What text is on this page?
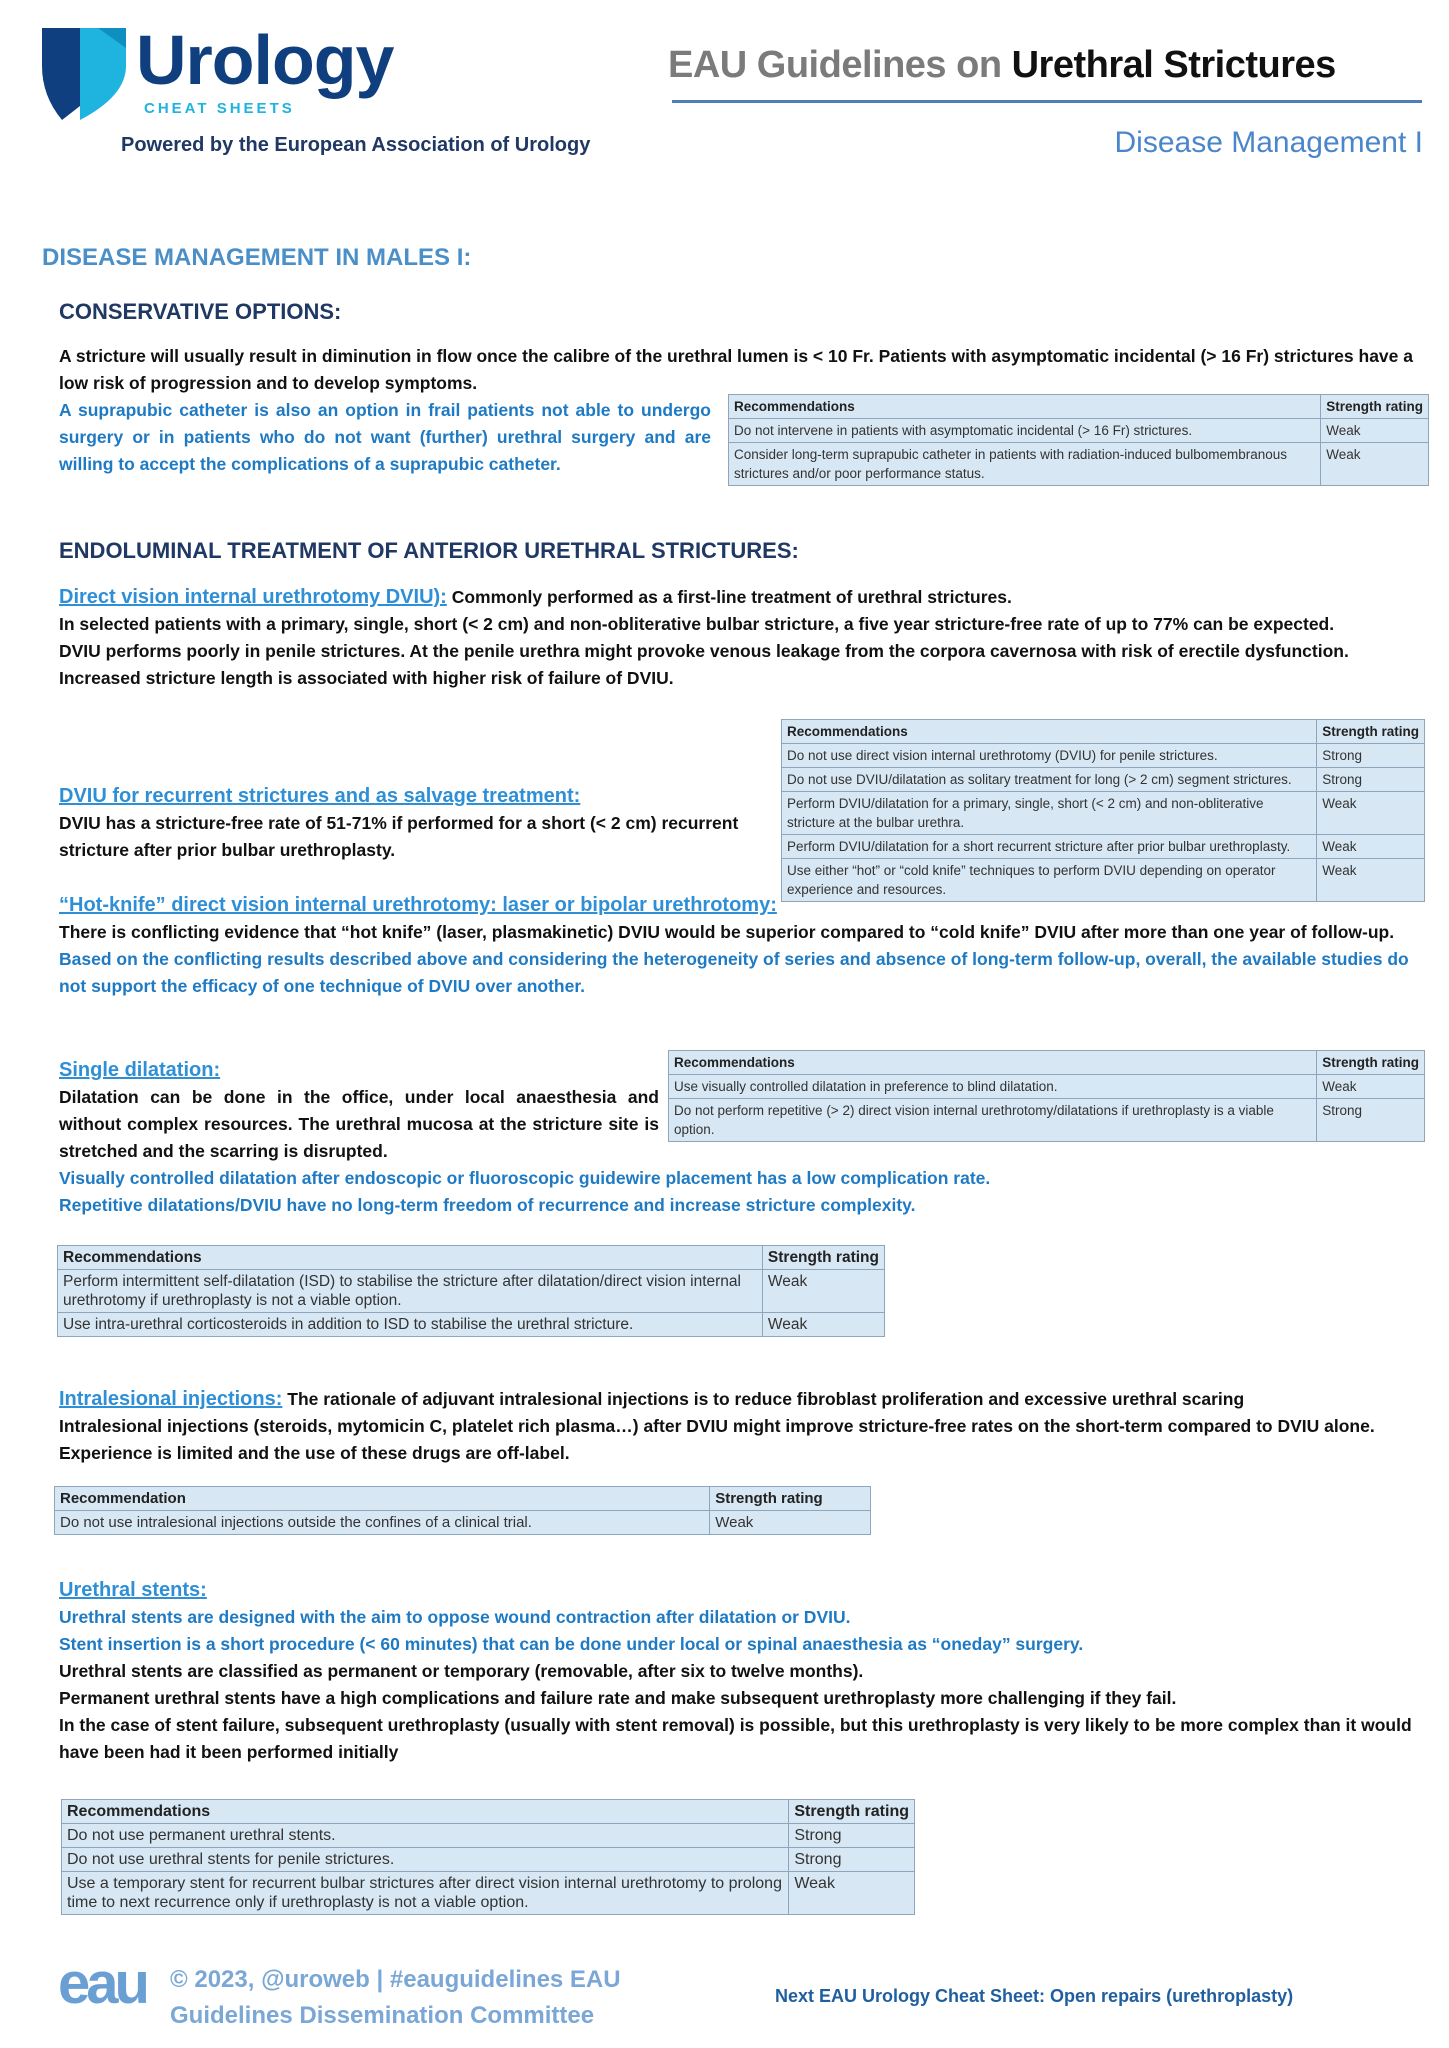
Urology
CHEAT SHEETS
Powered by the European Association of Urology
EAU Guidelines on Urethral Strictures
Disease Management I
DISEASE MANAGEMENT IN MALES I:
CONSERVATIVE OPTIONS:
A stricture will usually result in diminution in flow once the calibre of the urethral lumen is < 10 Fr. Patients with asymptomatic incidental (> 16 Fr) strictures have a low risk of progression and to develop symptoms.
A suprapubic catheter is also an option in frail patients not able to undergo surgery or in patients who do not want (further) urethral surgery and are willing to accept the complications of a suprapubic catheter.
Recommendations	Strength rating
Do not intervene in patients with asymptomatic incidental (> 16 Fr) strictures.	Weak
Consider long-term suprapubic catheter in patients with radiation-induced bulbomembranous strictures and/or poor performance status.	Weak
ENDOLUMINAL TREATMENT OF ANTERIOR URETHRAL STRICTURES:
Direct vision internal urethrotomy DVIU): Commonly performed as a first-line treatment of urethral strictures.
In selected patients with a primary, single, short (< 2 cm) and non-obliterative bulbar stricture, a five year stricture-free rate of up to 77% can be expected.
DVIU performs poorly in penile strictures. At the penile urethra might provoke venous leakage from the corpora cavernosa with risk of erectile dysfunction.
Increased stricture length is associated with higher risk of failure of DVIU.
Recommendations	Strength rating
Do not use direct vision internal urethrotomy (DVIU) for penile strictures.	Strong
Do not use DVIU/dilatation as solitary treatment for long (> 2 cm) segment strictures.	Strong
Perform DVIU/dilatation for a primary, single, short (< 2 cm) and non-obliterative stricture at the bulbar urethra.	Weak
Perform DVIU/dilatation for a short recurrent stricture after prior bulbar urethroplasty.	Weak
Use either “hot” or “cold knife” techniques to perform DVIU depending on operator experience and resources.	Weak
DVIU for recurrent strictures and as salvage treatment:
DVIU has a stricture-free rate of 51-71% if performed for a short (< 2 cm) recurrent stricture after prior bulbar urethroplasty.
“Hot-knife” direct vision internal urethrotomy: laser or bipolar urethrotomy:
There is conflicting evidence that “hot knife” (laser, plasmakinetic) DVIU would be superior compared to “cold knife” DVIU after more than one year of follow-up.
Based on the conflicting results described above and considering the heterogeneity of series and absence of long-term follow-up, overall, the available studies do not support the efficacy of one technique of DVIU over another.
Single dilatation:
Dilatation can be done in the office, under local anaesthesia and without complex resources. The urethral mucosa at the stricture site is stretched and the scarring is disrupted.
Recommendations	Strength rating
Use visually controlled dilatation in preference to blind dilatation.	Weak
Do not perform repetitive (> 2) direct vision internal urethrotomy/dilatations if urethroplasty is a viable option.	Strong
Visually controlled dilatation after endoscopic or fluoroscopic guidewire placement has a low complication rate.
Repetitive dilatations/DVIU have no long-term freedom of recurrence and increase stricture complexity.
Recommendations	Strength rating
Perform intermittent self-dilatation (ISD) to stabilise the stricture after dilatation/direct vision internal urethrotomy if urethroplasty is not a viable option.	Weak
Use intra-urethral corticosteroids in addition to ISD to stabilise the urethral stricture.	Weak
Intralesional injections: The rationale of adjuvant intralesional injections is to reduce fibroblast proliferation and excessive urethral scaring
Intralesional injections (steroids, mytomicin C, platelet rich plasma…) after DVIU might improve stricture-free rates on the short-term compared to DVIU alone. Experience is limited and the use of these drugs are off-label.
Recommendation	Strength rating
Do not use intralesional injections outside the confines of a clinical trial.	Weak
Urethral stents:
Urethral stents are designed with the aim to oppose wound contraction after dilatation or DVIU.
Stent insertion is a short procedure (< 60 minutes) that can be done under local or spinal anaesthesia as “oneday” surgery.
Urethral stents are classified as permanent or temporary (removable, after six to twelve months).
Permanent urethral stents have a high complications and failure rate and make subsequent urethroplasty more challenging if they fail.
In the case of stent failure, subsequent urethroplasty (usually with stent removal) is possible, but this urethroplasty is very likely to be more complex than it would have been had it been performed initially
Recommendations	Strength rating
Do not use permanent urethral stents.	Strong
Do not use urethral stents for penile strictures.	Strong
Use a temporary stent for recurrent bulbar strictures after direct vision internal urethrotomy to prolong time to next recurrence only if urethroplasty is not a viable option.	Weak
eau © 2023, @uroweb | #eauguidelines EAU Guidelines Dissemination Committee
Next EAU Urology Cheat Sheet: Open repairs (urethroplasty)
